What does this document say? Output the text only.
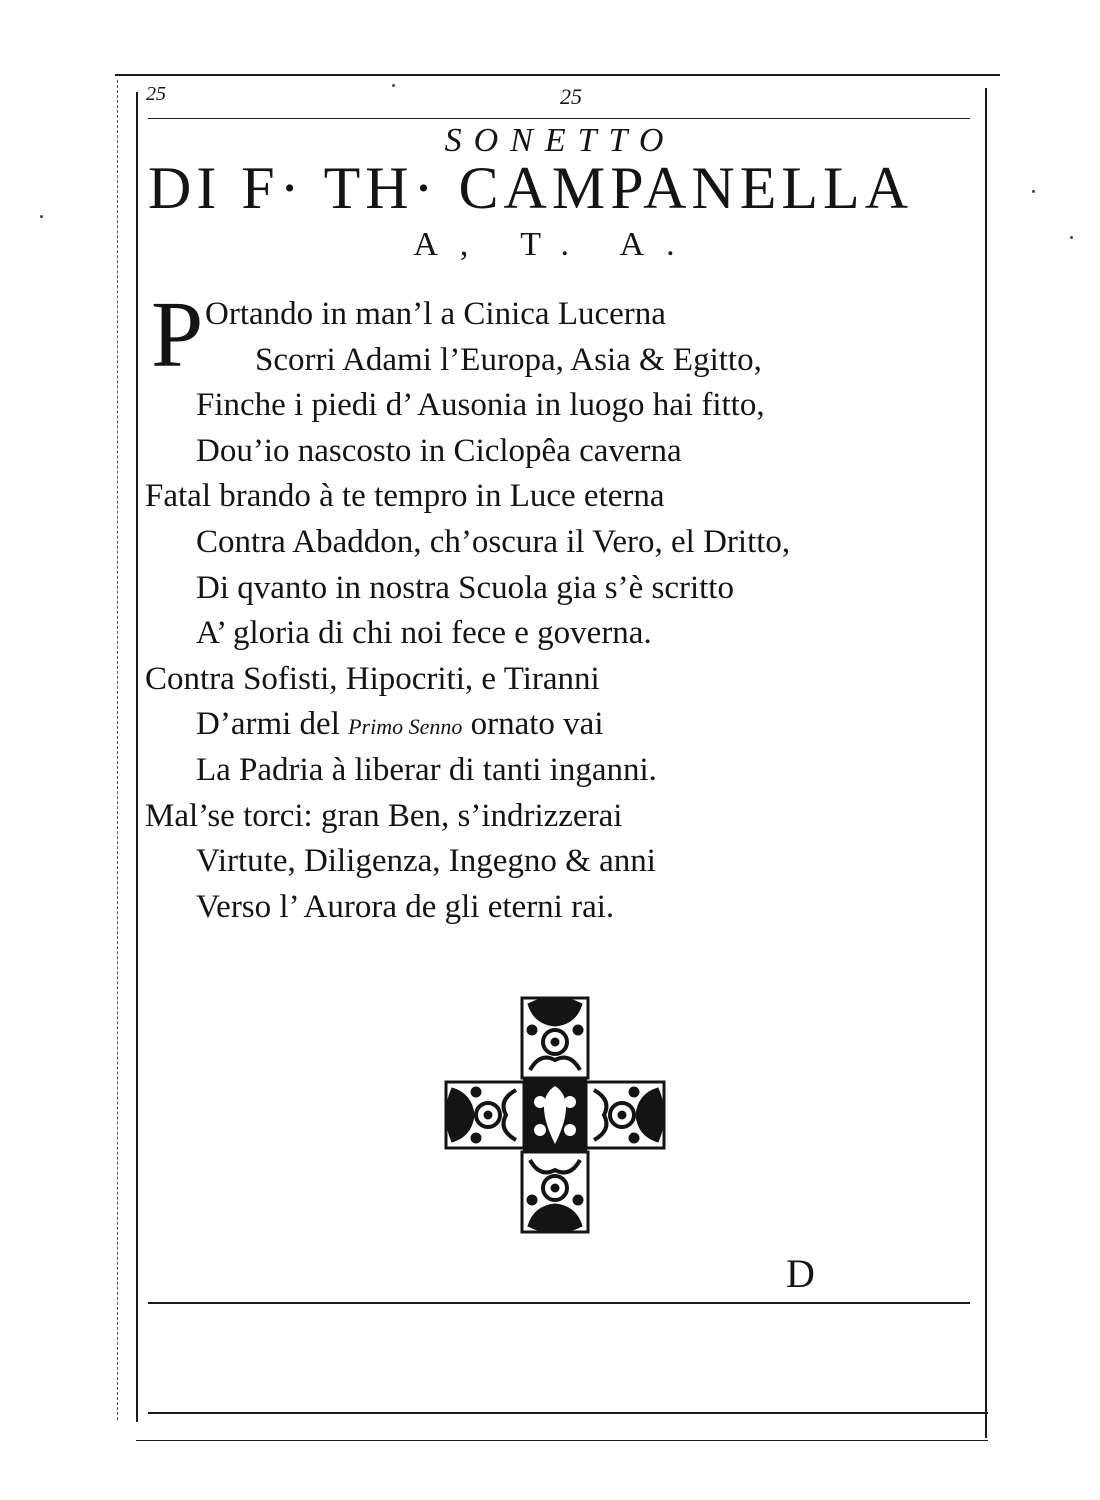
25	25
SONETTO
DI F· TH· CAMPANELLA
A, T. A.
P Ortando in man’l a Cinica Lucerna
Scorri Adami l’Europa, Asia & Egitto,
Finche i piedi d’ Ausonia in luogo hai fitto,
Dou’io nascosto in Ciclopêa caverna
Fatal brando à te tempro in Luce eterna
Contra Abaddon, ch’oscura il Vero, el Dritto,
Di qvanto in nostra Scuola gia s’è scritto
A’ gloria di chi noi fece e governa.
Contra Sofisti, Hipocriti, e Tiranni
D’armi del Primo Senno ornato vai
La Padria à liberar di tanti inganni.
Mal’se torci: gran Ben, s’indrizzerai
Virtute, Diligenza, Ingegno & anni
Verso l’ Aurora de gli eterni rai.
D
